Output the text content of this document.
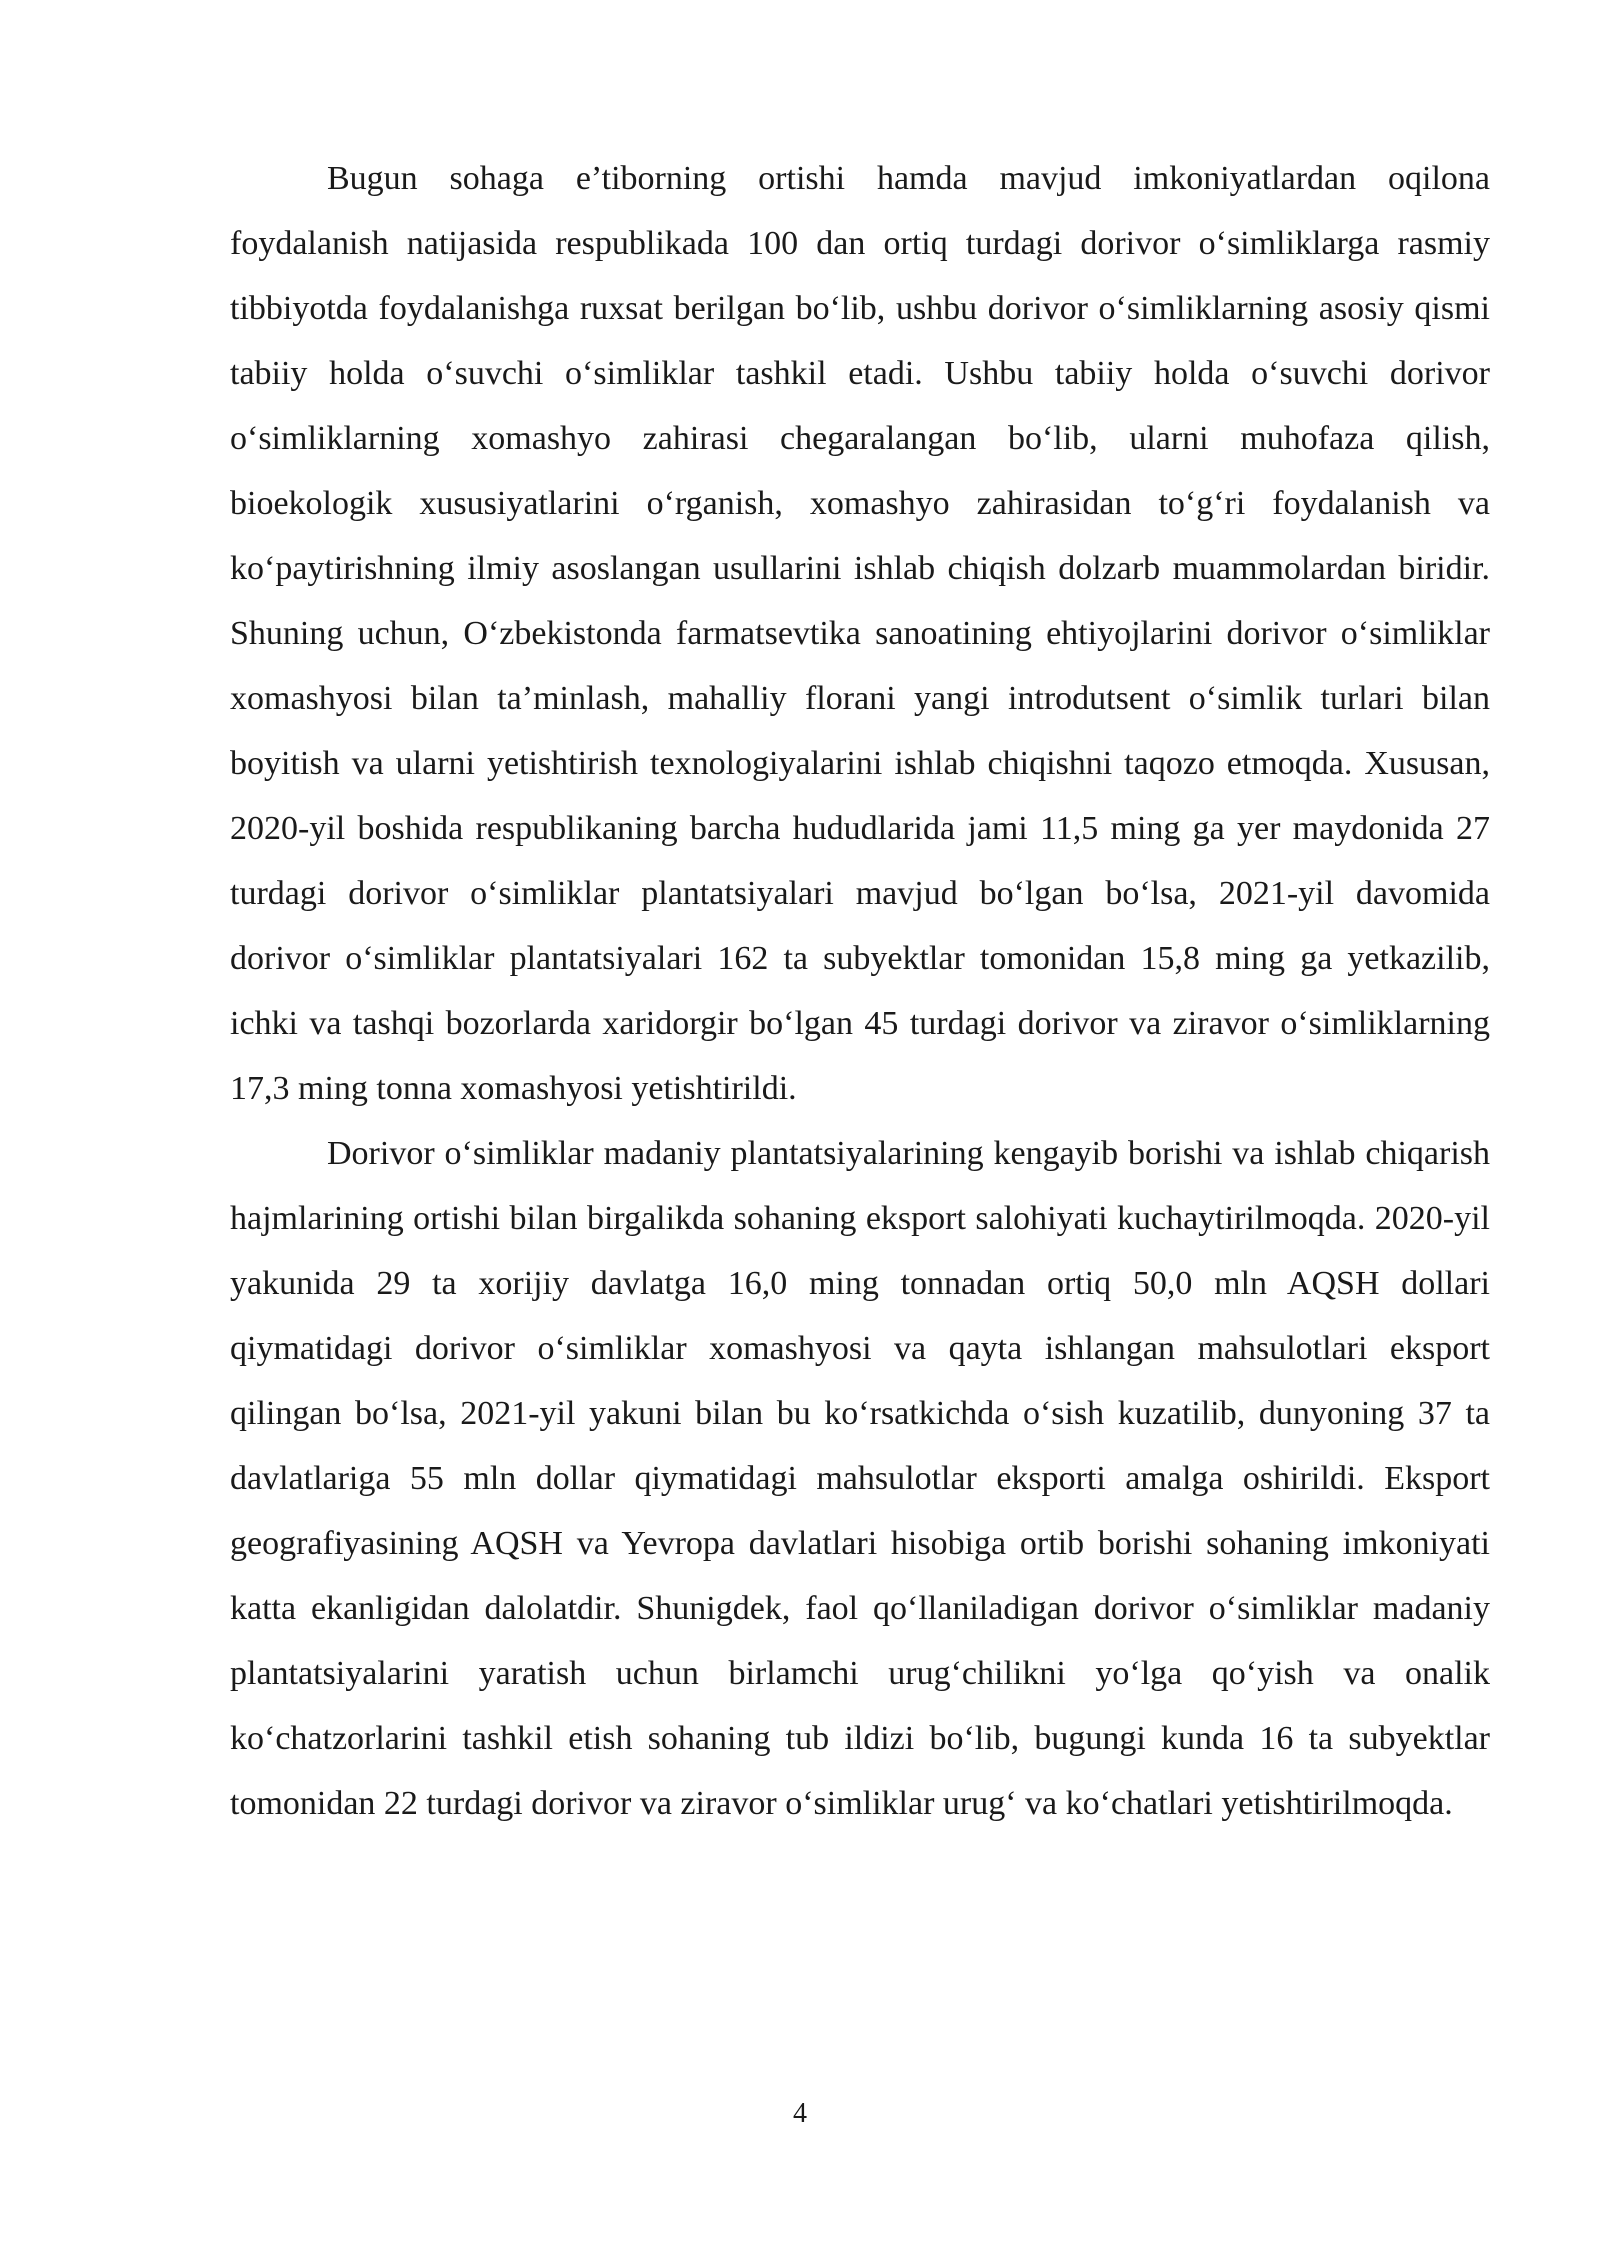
Bugun sohaga e’tiborning ortishi hamda mavjud imkoniyatlardan oqilona foydalanish natijasida respublikada 100 dan ortiq turdagi dorivor o‘simliklarga rasmiy tibbiyotda foydalanishga ruxsat berilgan bo‘lib, ushbu dorivor o‘simliklarning asosiy qismi tabiiy holda o‘suvchi o‘simliklar tashkil etadi. Ushbu tabiiy holda o‘suvchi dorivor o‘simliklarning xomashyo zahirasi chegaralangan bo‘lib, ularni muhofaza qilish, bioekologik xususiyatlarini o‘rganish, xomashyo zahirasidan to‘g‘ri foydalanish va ko‘paytirishning ilmiy asoslangan usullarini ishlab chiqish dolzarb muammolardan biridir. Shuning uchun, O‘zbekistonda farmatsevtika sanoatining ehtiyojlarini dorivor o‘simliklar xomashyosi bilan ta’minlash, mahalliy florani yangi introdutsent o‘simlik turlari bilan boyitish va ularni yetishtirish texnologiyalarini ishlab chiqishni taqozo etmoqda. Xususan, 2020-yil boshida respublikaning barcha hududlarida jami 11,5 ming ga yer maydonida 27 turdagi dorivor o‘simliklar plantatsiyalari mavjud bo‘lgan bo‘lsa, 2021-yil davomida dorivor o‘simliklar plantatsiyalari 162 ta subyektlar tomonidan 15,8 ming ga yetkazilib, ichki va tashqi bozorlarda xaridorgir bo‘lgan 45 turdagi dorivor va ziravor o‘simliklarning 17,3 ming tonna xomashyosi yetishtirildi.

Dorivor o‘simliklar madaniy plantatsiyalarining kengayib borishi va ishlab chiqarish hajmlarining ortishi bilan birgalikda sohaning eksport salohiyati kuchaytirilmoqda. 2020-yil yakunida 29 ta xorijiy davlatga 16,0 ming tonnadan ortiq 50,0 mln AQSH dollari qiymatidagi dorivor o‘simliklar xomashyosi va qayta ishlangan mahsulotlari eksport qilingan bo‘lsa, 2021-yil yakuni bilan bu ko‘rsatkichda o‘sish kuzatilib, dunyoning 37 ta davlatlariga 55 mln dollar qiymatidagi mahsulotlar eksporti amalga oshirildi. Eksport geografiyasining AQSH va Yevropa davlatlari hisobiga ortib borishi sohaning imkoniyati katta ekanligidan dalolatdir. Shunigdek, faol qo‘llaniladigan dorivor o‘simliklar madaniy plantatsiyalarini yaratish uchun birlamchi urug‘chilikni yo‘lga qo‘yish va onalik ko‘chatzorlarini tashkil etish sohaning tub ildizi bo‘lib, bugungi kunda 16 ta subyektlar tomonidan 22 turdagi dorivor va ziravor o‘simliklar urug‘ va ko‘chatlari yetishtirilmoqda.

4
